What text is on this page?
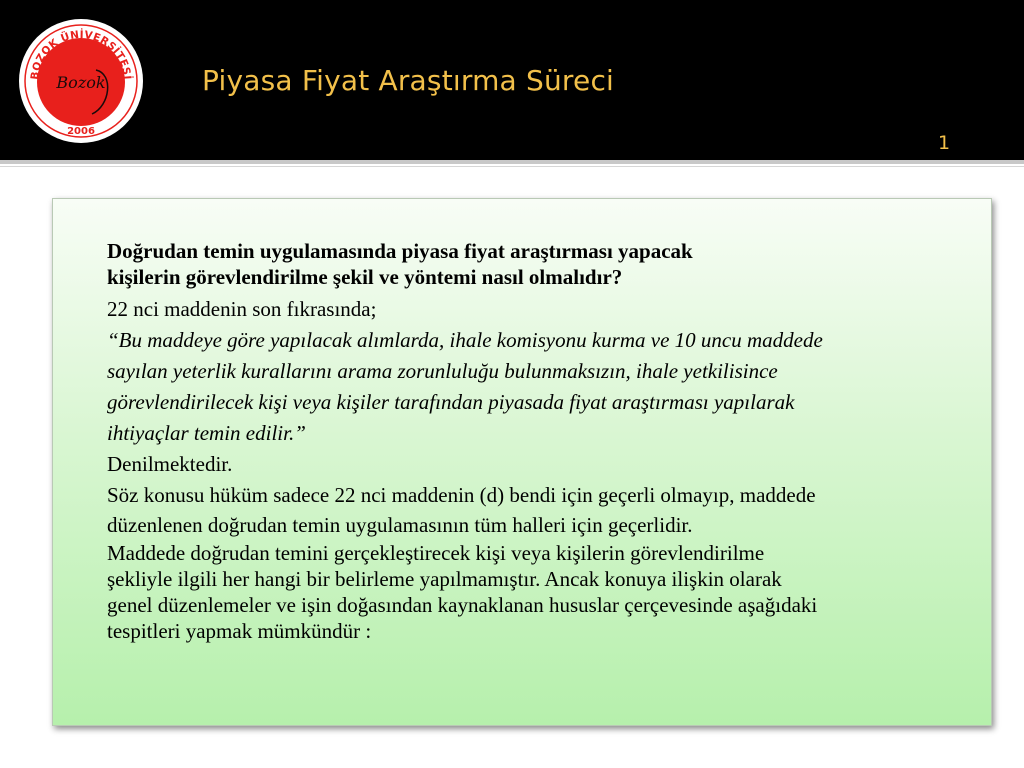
BOZOK ÜNİVERSİTESİ
2006
Bozok	Piyasa Fiyat Araştırma Süreci
1

Doğrudan temin uygulamasında piyasa fiyat araştırması yapacak
kişilerin görevlendirilme şekil ve yöntemi nasıl olmalıdır?

22 nci maddenin son fıkrasında;

“Bu maddeye göre yapılacak alımlarda, ihale komisyonu kurma ve 10 uncu maddede

sayılan yeterlik kurallarını arama zorunluluğu bulunmaksızın, ihale yetkilisince

görevlendirilecek kişi veya kişiler tarafından piyasada fiyat araştırması yapılarak

ihtiyaçlar temin edilir.”

Denilmektedir.

Söz konusu hüküm sadece 22 nci maddenin (d) bendi için geçerli olmayıp, maddede

düzenlenen doğrudan temin uygulamasının tüm halleri için geçerlidir.

Maddede doğrudan temini gerçekleştirecek kişi veya kişilerin görevlendirilme

şekliyle ilgili her hangi bir belirleme yapılmamıştır. Ancak konuya ilişkin olarak

genel düzenlemeler ve işin doğasından kaynaklanan hususlar çerçevesinde aşağıdaki

tespitleri yapmak mümkündür :
